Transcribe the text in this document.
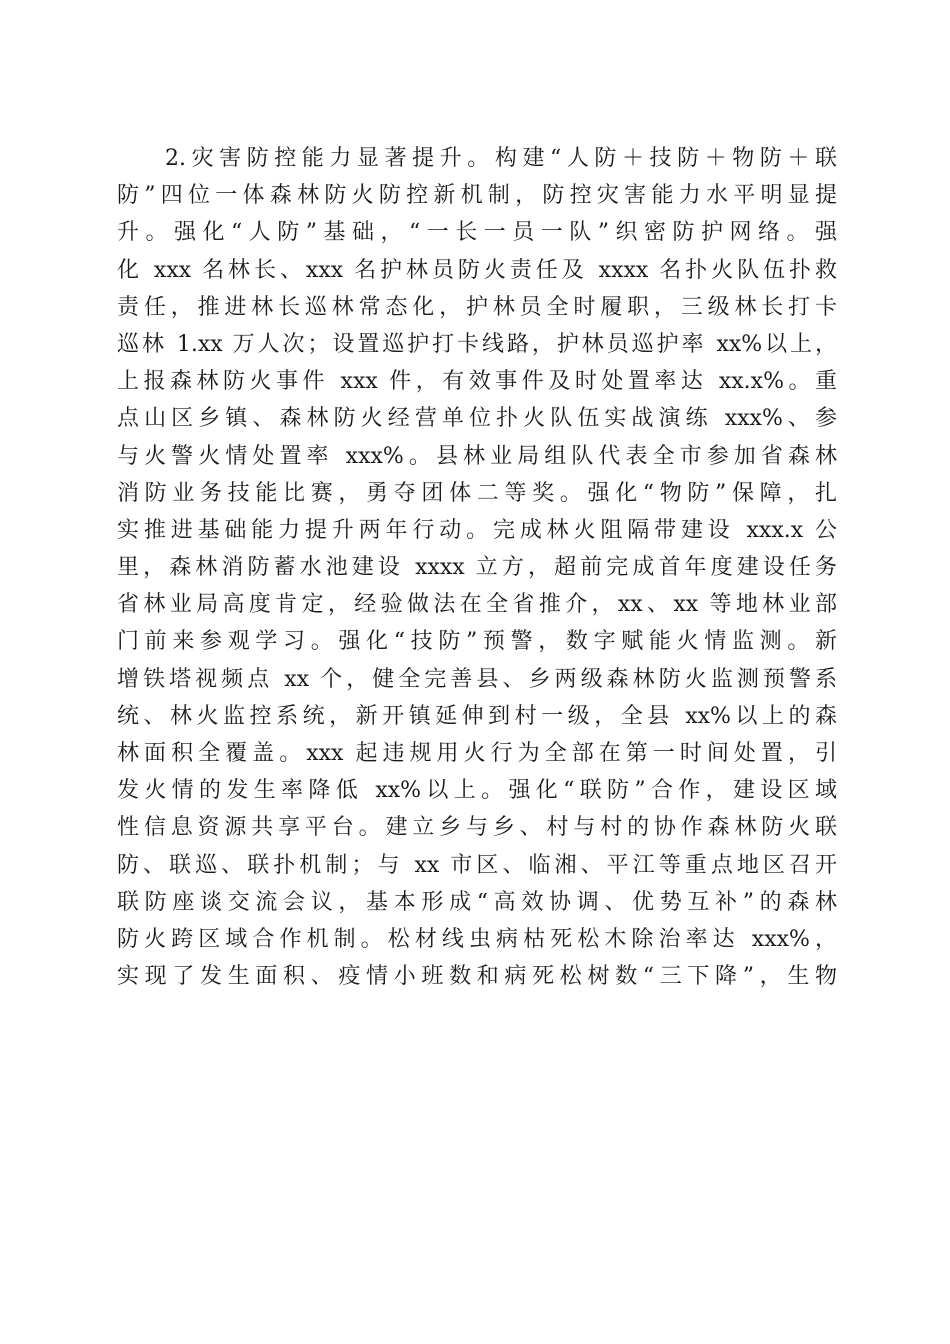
2.灾害防控能力显著提升。构建“人防＋技防＋物防＋联
防”四位一体森林防火防控新机制，防控灾害能力水平明显提
升。强化“人防”基础，“一长一员一队”织密防护网络。强
化 xxx 名林长、xxx 名护林员防火责任及 xxxx 名扑火队伍扑救
责任，推进林长巡林常态化，护林员全时履职，三级林长打卡
巡林 1.xx 万人次；设置巡护打卡线路，护林员巡护率 xx%以上，
上报森林防火事件 xxx 件，有效事件及时处置率达 xx.x%。重
点山区乡镇、森林防火经营单位扑火队伍实战演练 xxx%、参
与火警火情处置率 xxx%。县林业局组队代表全市参加省森林
消防业务技能比赛，勇夺团体二等奖。强化“物防”保障，扎
实推进基础能力提升两年行动。完成林火阻隔带建设 xxx.x 公
里，森林消防蓄水池建设 xxxx 立方，超前完成首年度建设任务
省林业局高度肯定，经验做法在全省推介，xx、xx 等地林业部
门前来参观学习。强化“技防”预警，数字赋能火情监测。新
增铁塔视频点 xx 个，健全完善县、乡两级森林防火监测预警系
统、林火监控系统，新开镇延伸到村一级，全县 xx%以上的森
林面积全覆盖。xxx 起违规用火行为全部在第一时间处置，引
发火情的发生率降低 xx%以上。强化“联防”合作，建设区域
性信息资源共享平台。建立乡与乡、村与村的协作森林防火联
防、联巡、联扑机制；与 xx 市区、临湘、平江等重点地区召开
联防座谈交流会议，基本形成“高效协调、优势互补”的森林
防火跨区域合作机制。松材线虫病枯死松木除治率达 xxx%，
实现了发生面积、疫情小班数和病死松树数“三下降”，生物
